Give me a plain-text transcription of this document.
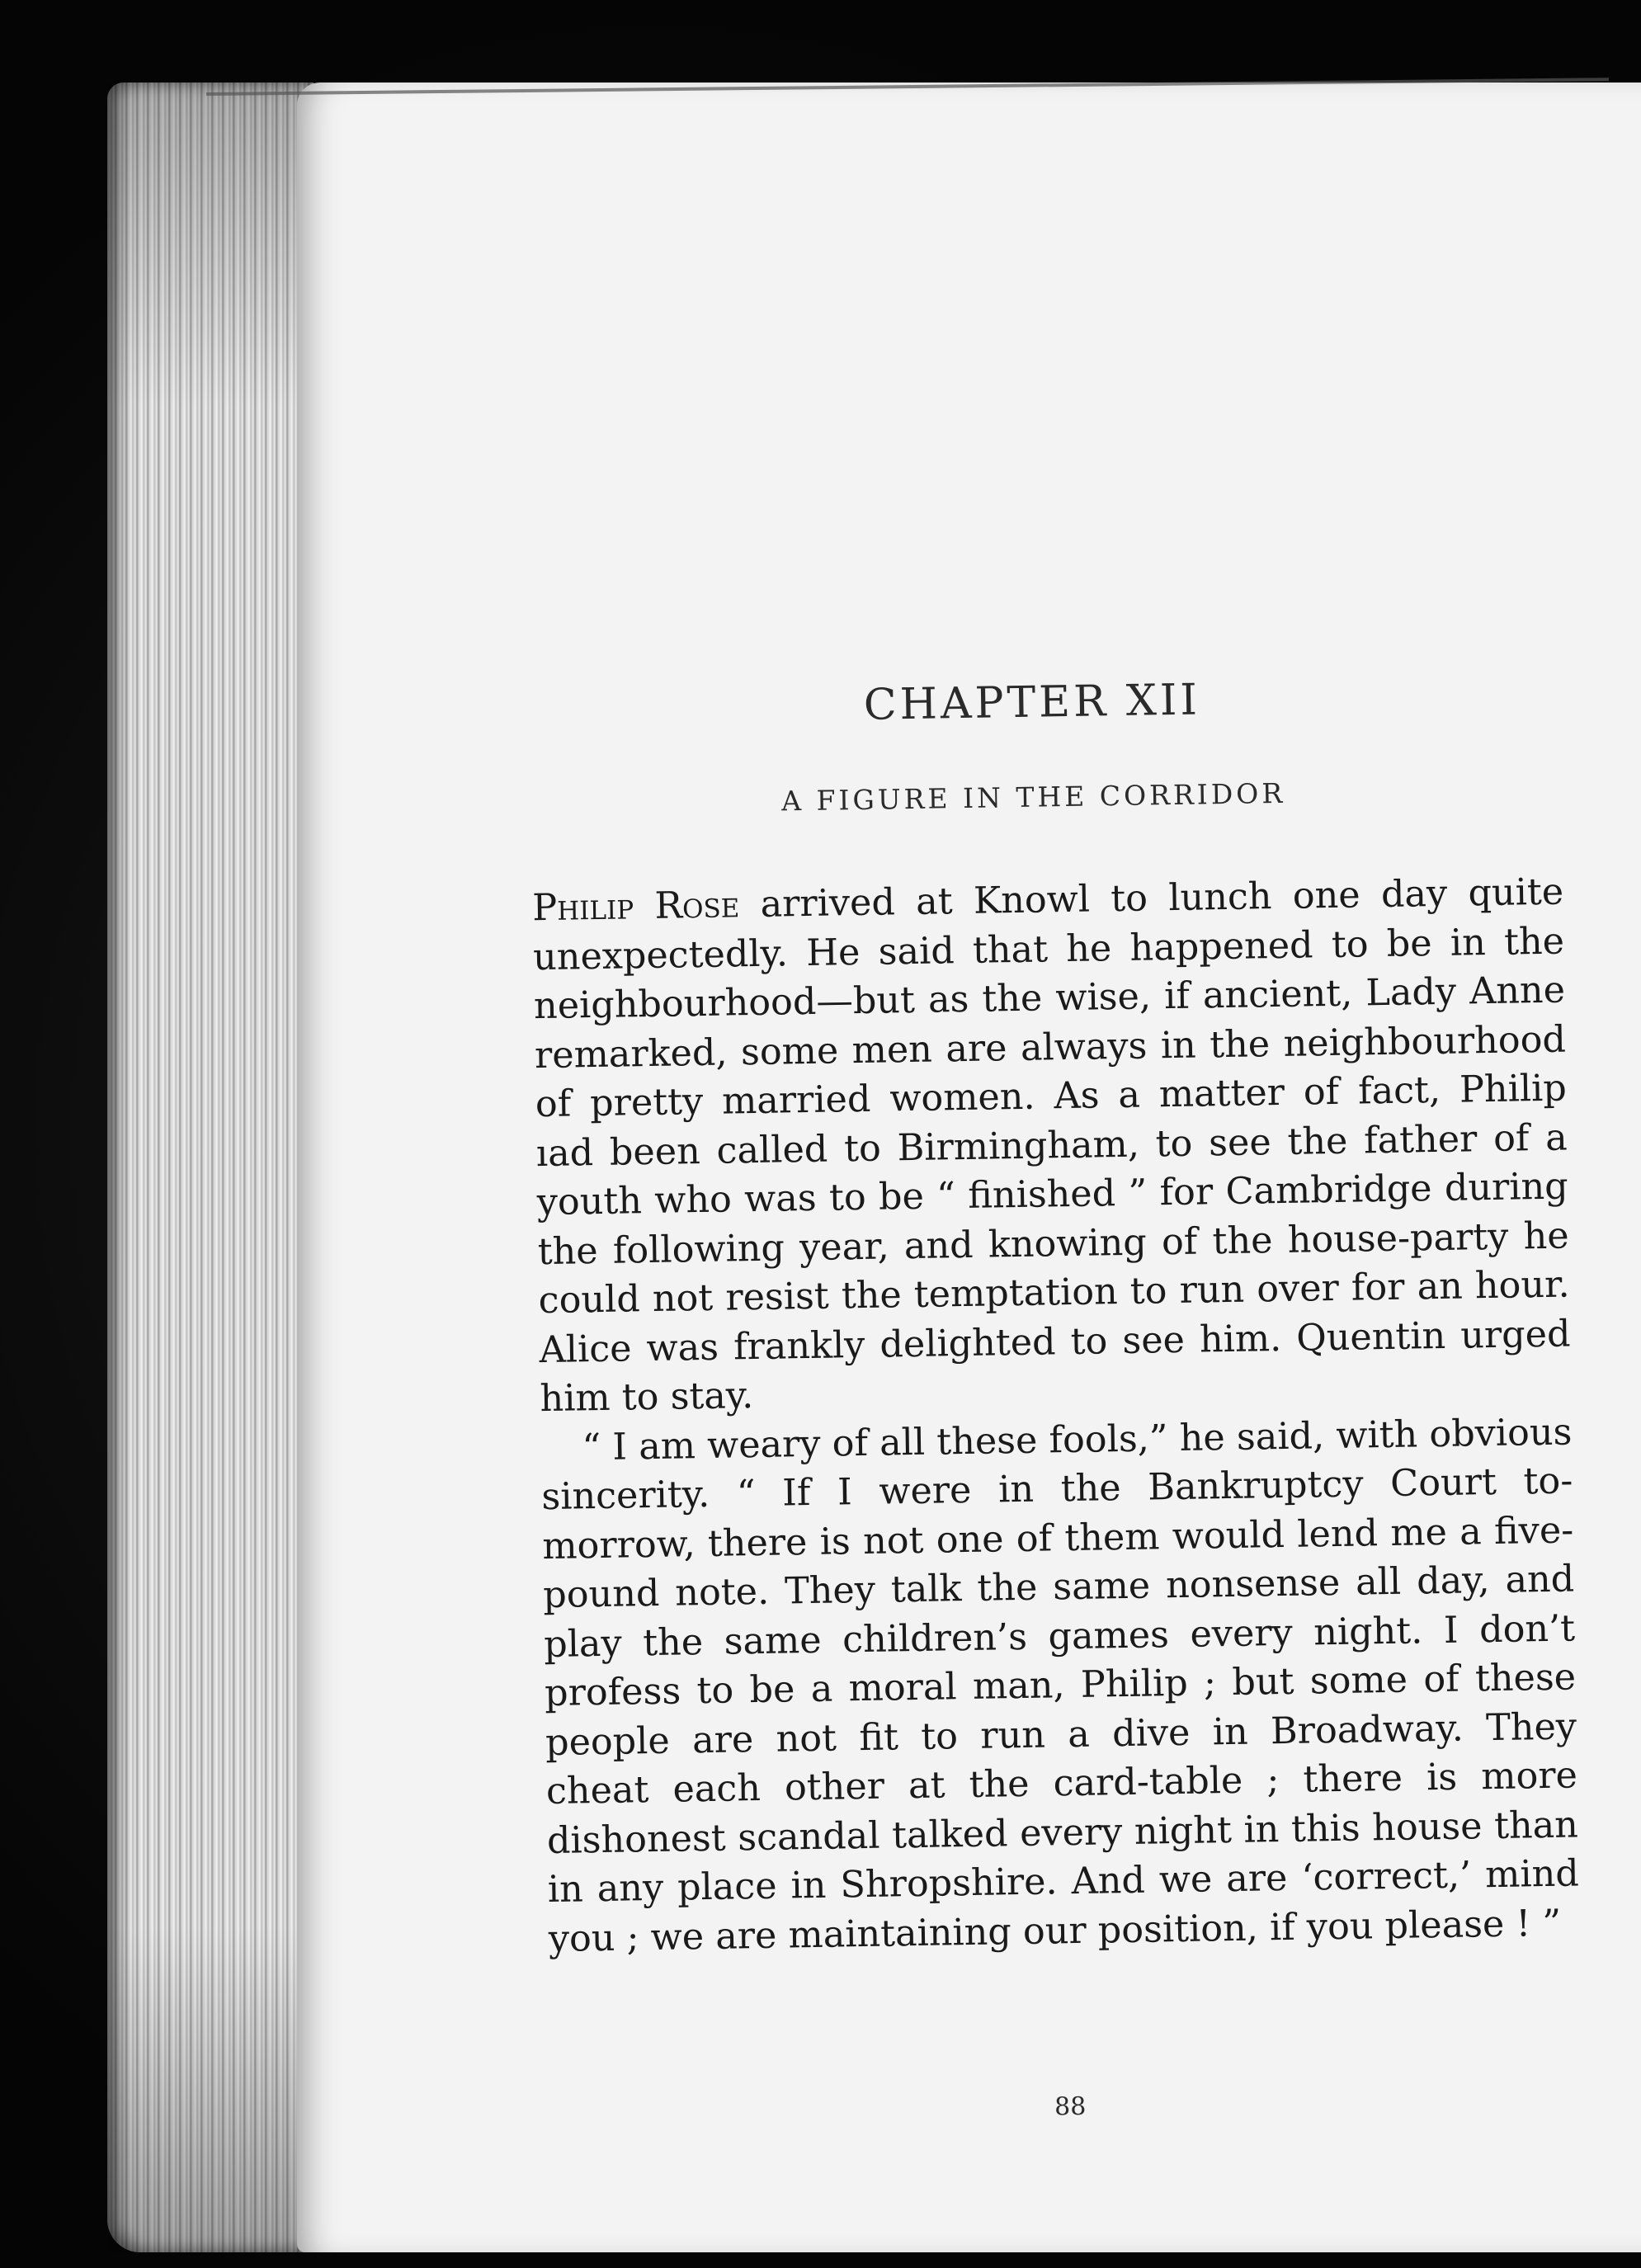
CHAPTER XII
A FIGURE IN THE CORRIDOR

Philip Rose arrived at Knowl to lunch one day quite unexpectedly. He said that he happened to be in the neighbourhood—but as the wise, if ancient, Lady Anne remarked, some men are always in the neighbourhood of pretty married women. As a matter of fact, Philip ıad been called to Birmingham, to see the father of a youth who was to be “ finished ” for Cambridge during the following year, and knowing of the house-party he could not resist the temptation to run over for an hour. Alice was frankly delighted to see him. Quentin urged him to stay.

“ I am weary of all these fools,” he said, with obvious sincerity. “ If I were in the Bankruptcy Court to-morrow, there is not one of them would lend me a five-pound note. They talk the same nonsense all day, and play the same children’s games every night. I don’t profess to be a moral man, Philip ; but some of these people are not fit to run a dive in Broadway. They cheat each other at the card-table ; there is more dishonest scandal talked every night in this house than in any place in Shropshire. And we are ‘correct,’ mind you ; we are maintaining our position, if you please ! ”

88
